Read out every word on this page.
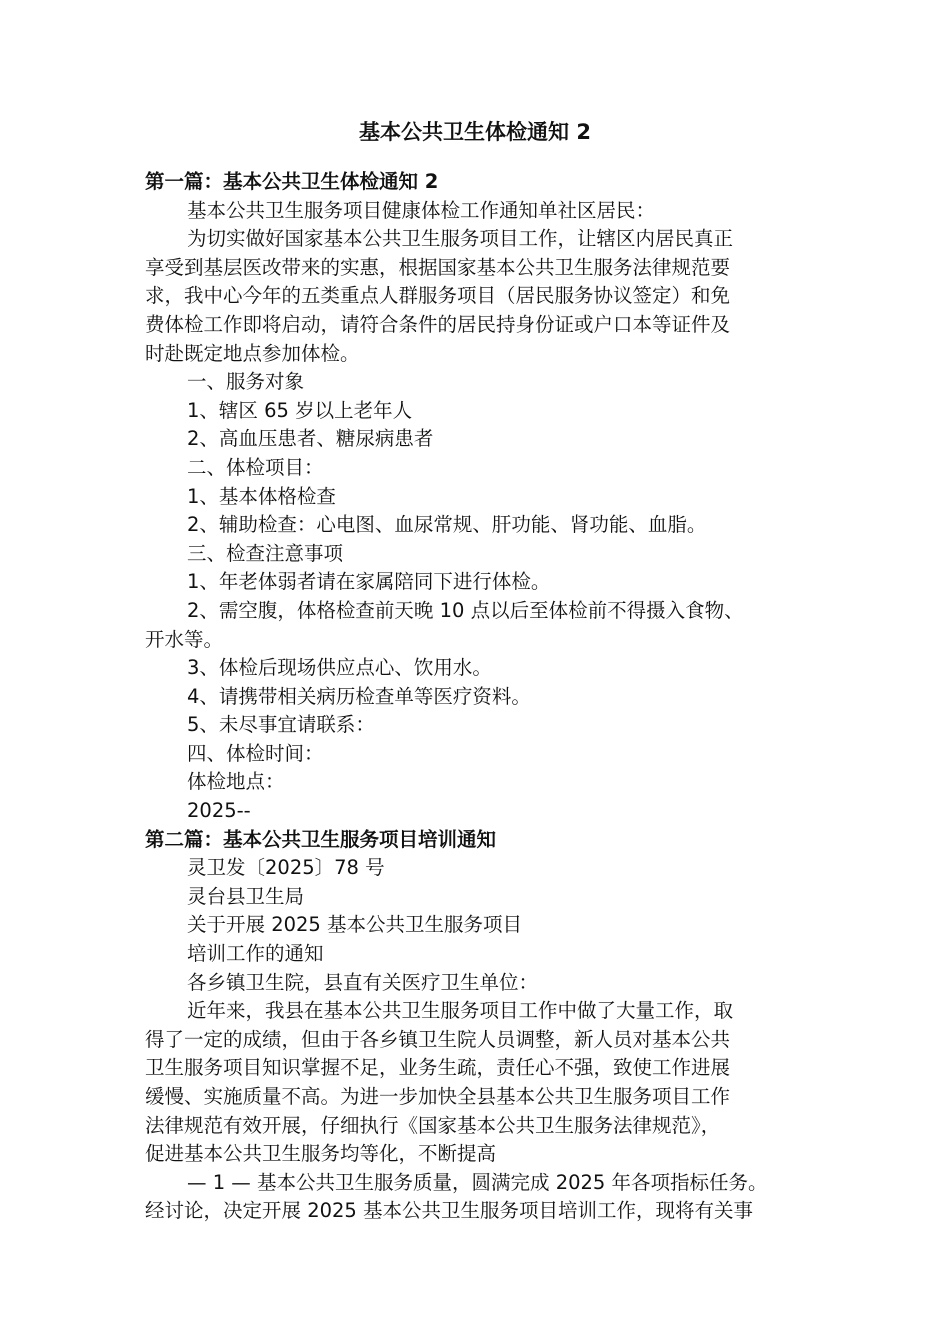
基本公共卫生体检通知 2
第一篇：基本公共卫生体检通知 2
基本公共卫生服务项目健康体检工作通知单社区居民：
为切实做好国家基本公共卫生服务项目工作，让辖区内居民真正
享受到基层医改带来的实惠，根据国家基本公共卫生服务法律规范要
求，我中心今年的五类重点人群服务项目（居民服务协议签定）和免
费体检工作即将启动，请符合条件的居民持身份证或户口本等证件及
时赴既定地点参加体检。
一、服务对象
1、辖区 65 岁以上老年人
2、高血压患者、糖尿病患者
二、体检项目：
1、基本体格检查
2、辅助检查：心电图、血尿常规、肝功能、肾功能、血脂。
三、检查注意事项
1、年老体弱者请在家属陪同下进行体检。
2、需空腹，体格检查前天晚 10 点以后至体检前不得摄入食物、
开水等。
3、体检后现场供应点心、饮用水。
4、请携带相关病历检查单等医疗资料。
5、未尽事宜请联系：
四、体检时间：
体检地点：
2025--
第二篇：基本公共卫生服务项目培训通知
灵卫发〔2025〕78 号
灵台县卫生局
关于开展 2025 基本公共卫生服务项目
培训工作的通知
各乡镇卫生院，县直有关医疗卫生单位：
近年来，我县在基本公共卫生服务项目工作中做了大量工作，取
得了一定的成绩，但由于各乡镇卫生院人员调整，新人员对基本公共
卫生服务项目知识掌握不足，业务生疏，责任心不强，致使工作进展
缓慢、实施质量不高。为进一步加快全县基本公共卫生服务项目工作
法律规范有效开展，仔细执行《国家基本公共卫生服务法律规范》，
促进基本公共卫生服务均等化，不断提高
— 1 — 基本公共卫生服务质量，圆满完成 2025 年各项指标任务。
经讨论，决定开展 2025 基本公共卫生服务项目培训工作，现将有关事
